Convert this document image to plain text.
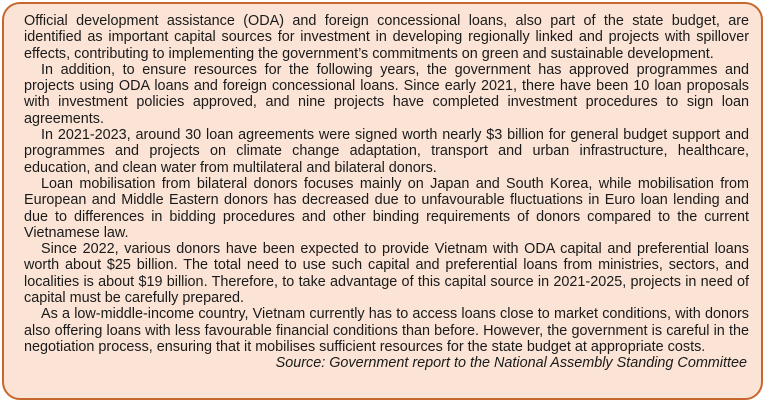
Official development assistance (ODA) and foreign concessional loans, also part of the state budget, are identified as important capital sources for investment in developing regionally linked and projects with spillover effects, contributing to implementing the government’s commitments on green and sustainable development.

In addition, to ensure resources for the following years, the government has approved programmes and projects using ODA loans and foreign concessional loans. Since early 2021, there have been 10 loan proposals with investment policies approved, and nine projects have completed investment procedures to sign loan agreements.

In 2021-2023, around 30 loan agreements were signed worth nearly $3 billion for general budget support and programmes and projects on climate change adaptation, transport and urban infrastructure, healthcare, education, and clean water from multilateral and bilateral donors.

Loan mobilisation from bilateral donors focuses mainly on Japan and South Korea, while mobilisation from European and Middle Eastern donors has decreased due to unfavourable fluctuations in Euro loan lending and due to differences in bidding procedures and other binding requirements of donors compared to the current Vietnamese law.

Since 2022, various donors have been expected to provide Vietnam with ODA capital and preferential loans worth about $25 billion. The total need to use such capital and preferential loans from ministries, sectors, and localities is about $19 billion. Therefore, to take advantage of this capital source in 2021-2025, projects in need of capital must be carefully prepared.

As a low-middle-income country, Vietnam currently has to access loans close to market conditions, with donors also offering loans with less favourable financial conditions than before. However, the government is careful in the negotiation process, ensuring that it mobilises sufficient resources for the state budget at appropriate costs.

Source: Government report to the National Assembly Standing Committee
